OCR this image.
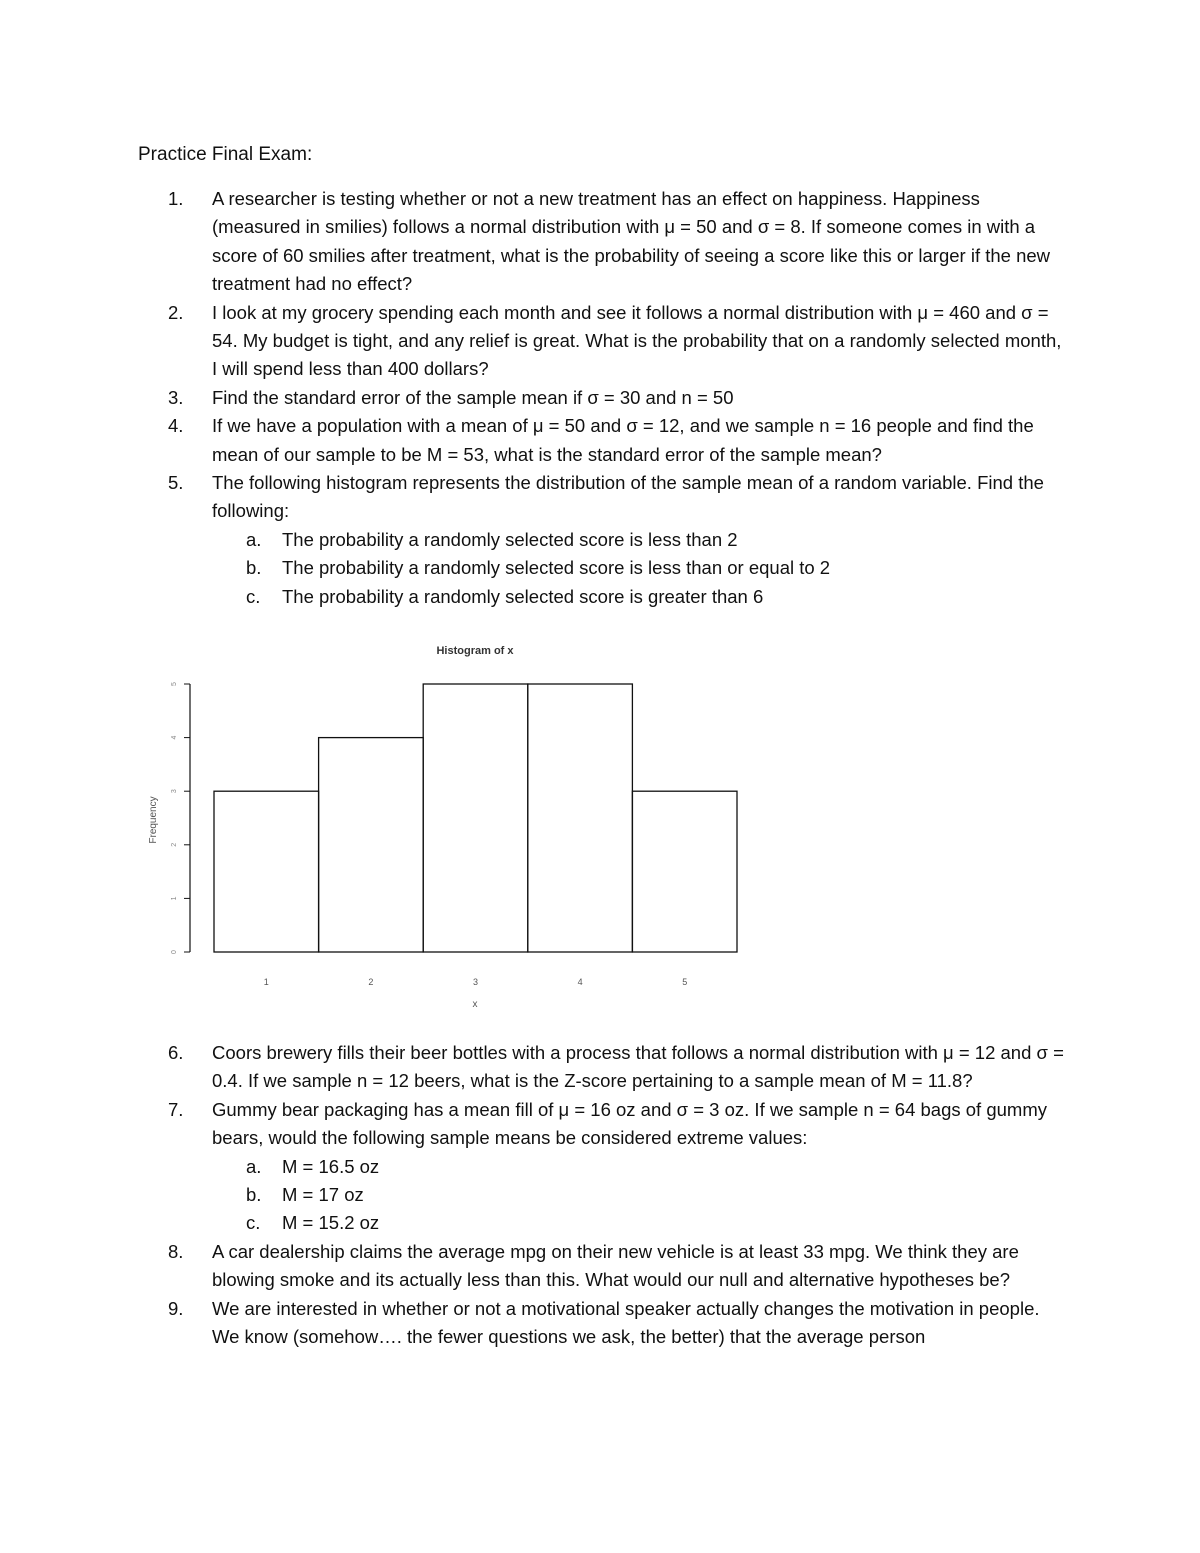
Practice Final Exam:
1.	A researcher is testing whether or not a new treatment has an effect on happiness. Happiness (measured in smilies) follows a normal distribution with μ = 50 and σ = 8. If someone comes in with a score of 60 smilies after treatment, what is the probability of seeing a score like this or larger if the new treatment had no effect?
2.	I look at my grocery spending each month and see it follows a normal distribution with μ = 460 and σ = 54. My budget is tight, and any relief is great. What is the probability that on a randomly selected month, I will spend less than 400 dollars?
3.	Find the standard error of the sample mean if σ = 30 and n = 50
4.	If we have a population with a mean of μ = 50 and σ = 12, and we sample n = 16 people and find the mean of our sample to be M = 53, what is the standard error of the sample mean?
5.	The following histogram represents the distribution of the sample mean of a random variable. Find the following:
a. The probability a randomly selected score is less than 2
b. The probability a randomly selected score is less than or equal to 2
c. The probability a randomly selected score is greater than 6
Histogram of x
Frequency
x
0
1
2
3
4
5
1	2	3	4	5
6.	Coors brewery fills their beer bottles with a process that follows a normal distribution with μ = 12 and σ = 0.4. If we sample n = 12 beers, what is the Z-score pertaining to a sample mean of M = 11.8?
7.	Gummy bear packaging has a mean fill of μ = 16 oz and σ = 3 oz. If we sample n = 64 bags of gummy bears, would the following sample means be considered extreme values:
a. M = 16.5 oz
b. M = 17 oz
c. M = 15.2 oz
8.	A car dealership claims the average mpg on their new vehicle is at least 33 mpg. We think they are blowing smoke and its actually less than this. What would our null and alternative hypotheses be?
9.	We are interested in whether or not a motivational speaker actually changes the motivation in people. We know (somehow…. the fewer questions we ask, the better) that the average person
